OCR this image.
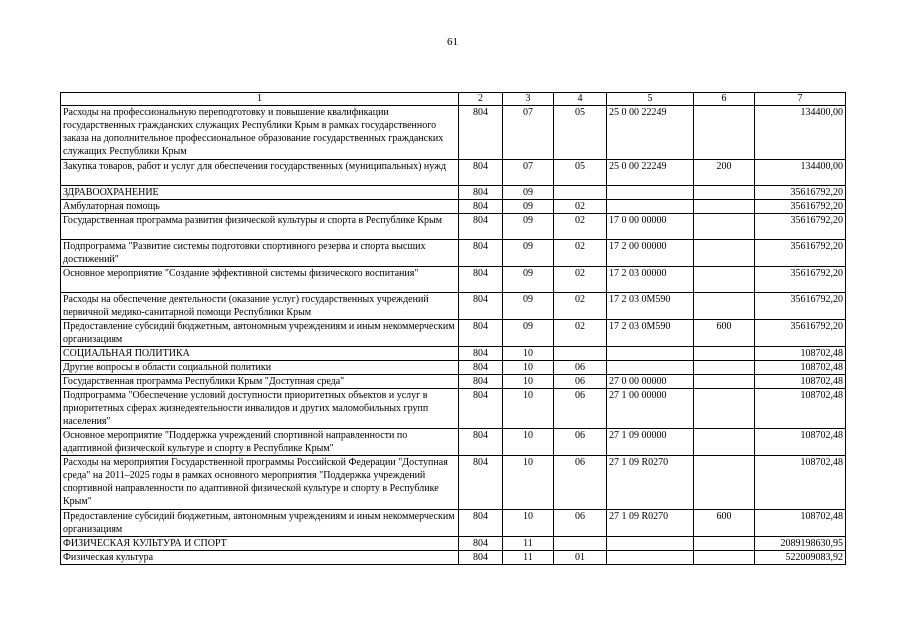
61
1	2	3	4	5	6	7
Расходы на профессиональную переподготовку и повышение квалификации государственных гражданских служащих Республики Крым в рамках государственного заказа на дополнительное профессиональное образование государственных гражданских служащих Республики Крым	804	07	05	25 0 00 22249		134400,00
Закупка товаров, работ и услуг для обеспечения государственных (муниципальных) нужд	804	07	05	25 0 00 22249	200	134400,00
ЗДРАВООХРАНЕНИЕ	804	09				35616792,20
Амбулаторная помощь	804	09	02			35616792,20
Государственная программа развития физической культуры и спорта в Республике Крым	804	09	02	17 0 00 00000		35616792,20
Подпрограмма "Развитие системы подготовки спортивного резерва и спорта высших достижений"	804	09	02	17 2 00 00000		35616792,20
Основное мероприятие "Создание эффективной системы физического воспитания"	804	09	02	17 2 03 00000		35616792,20
Расходы на обеспечение деятельности (оказание услуг) государственных учреждений первичной медико-санитарной помощи Республики Крым	804	09	02	17 2 03 0М590		35616792,20
Предоставление субсидий бюджетным, автономным учреждениям и иным некоммерческим организациям	804	09	02	17 2 03 0М590	600	35616792,20
СОЦИАЛЬНАЯ ПОЛИТИКА	804	10				108702,48
Другие вопросы в области социальной политики	804	10	06			108702,48
Государственная программа Республики Крым "Доступная среда"	804	10	06	27 0 00 00000		108702,48
Подпрограмма "Обеспечение условий доступности приоритетных объектов и услуг в приоритетных сферах жизнедеятельности инвалидов и других маломобильных групп населения"	804	10	06	27 1 00 00000		108702,48
Основное мероприятие "Поддержка учреждений спортивной направленности по адаптивной физической культуре и спорту в Республике Крым"	804	10	06	27 1 09 00000		108702,48
Расходы на мероприятия Государственной программы Российской Федерации "Доступная среда" на 2011–2025 годы в рамках основного мероприятия "Поддержка учреждений спортивной направленности по адаптивной физической культуре и спорту в Республике Крым"	804	10	06	27 1 09 R0270		108702,48
Предоставление субсидий бюджетным, автономным учреждениям и иным некоммерческим организациям	804	10	06	27 1 09 R0270	600	108702,48
ФИЗИЧЕСКАЯ КУЛЬТУРА И СПОРТ	804	11				2089198630,95
Физическая культура	804	11	01			522009083,92
